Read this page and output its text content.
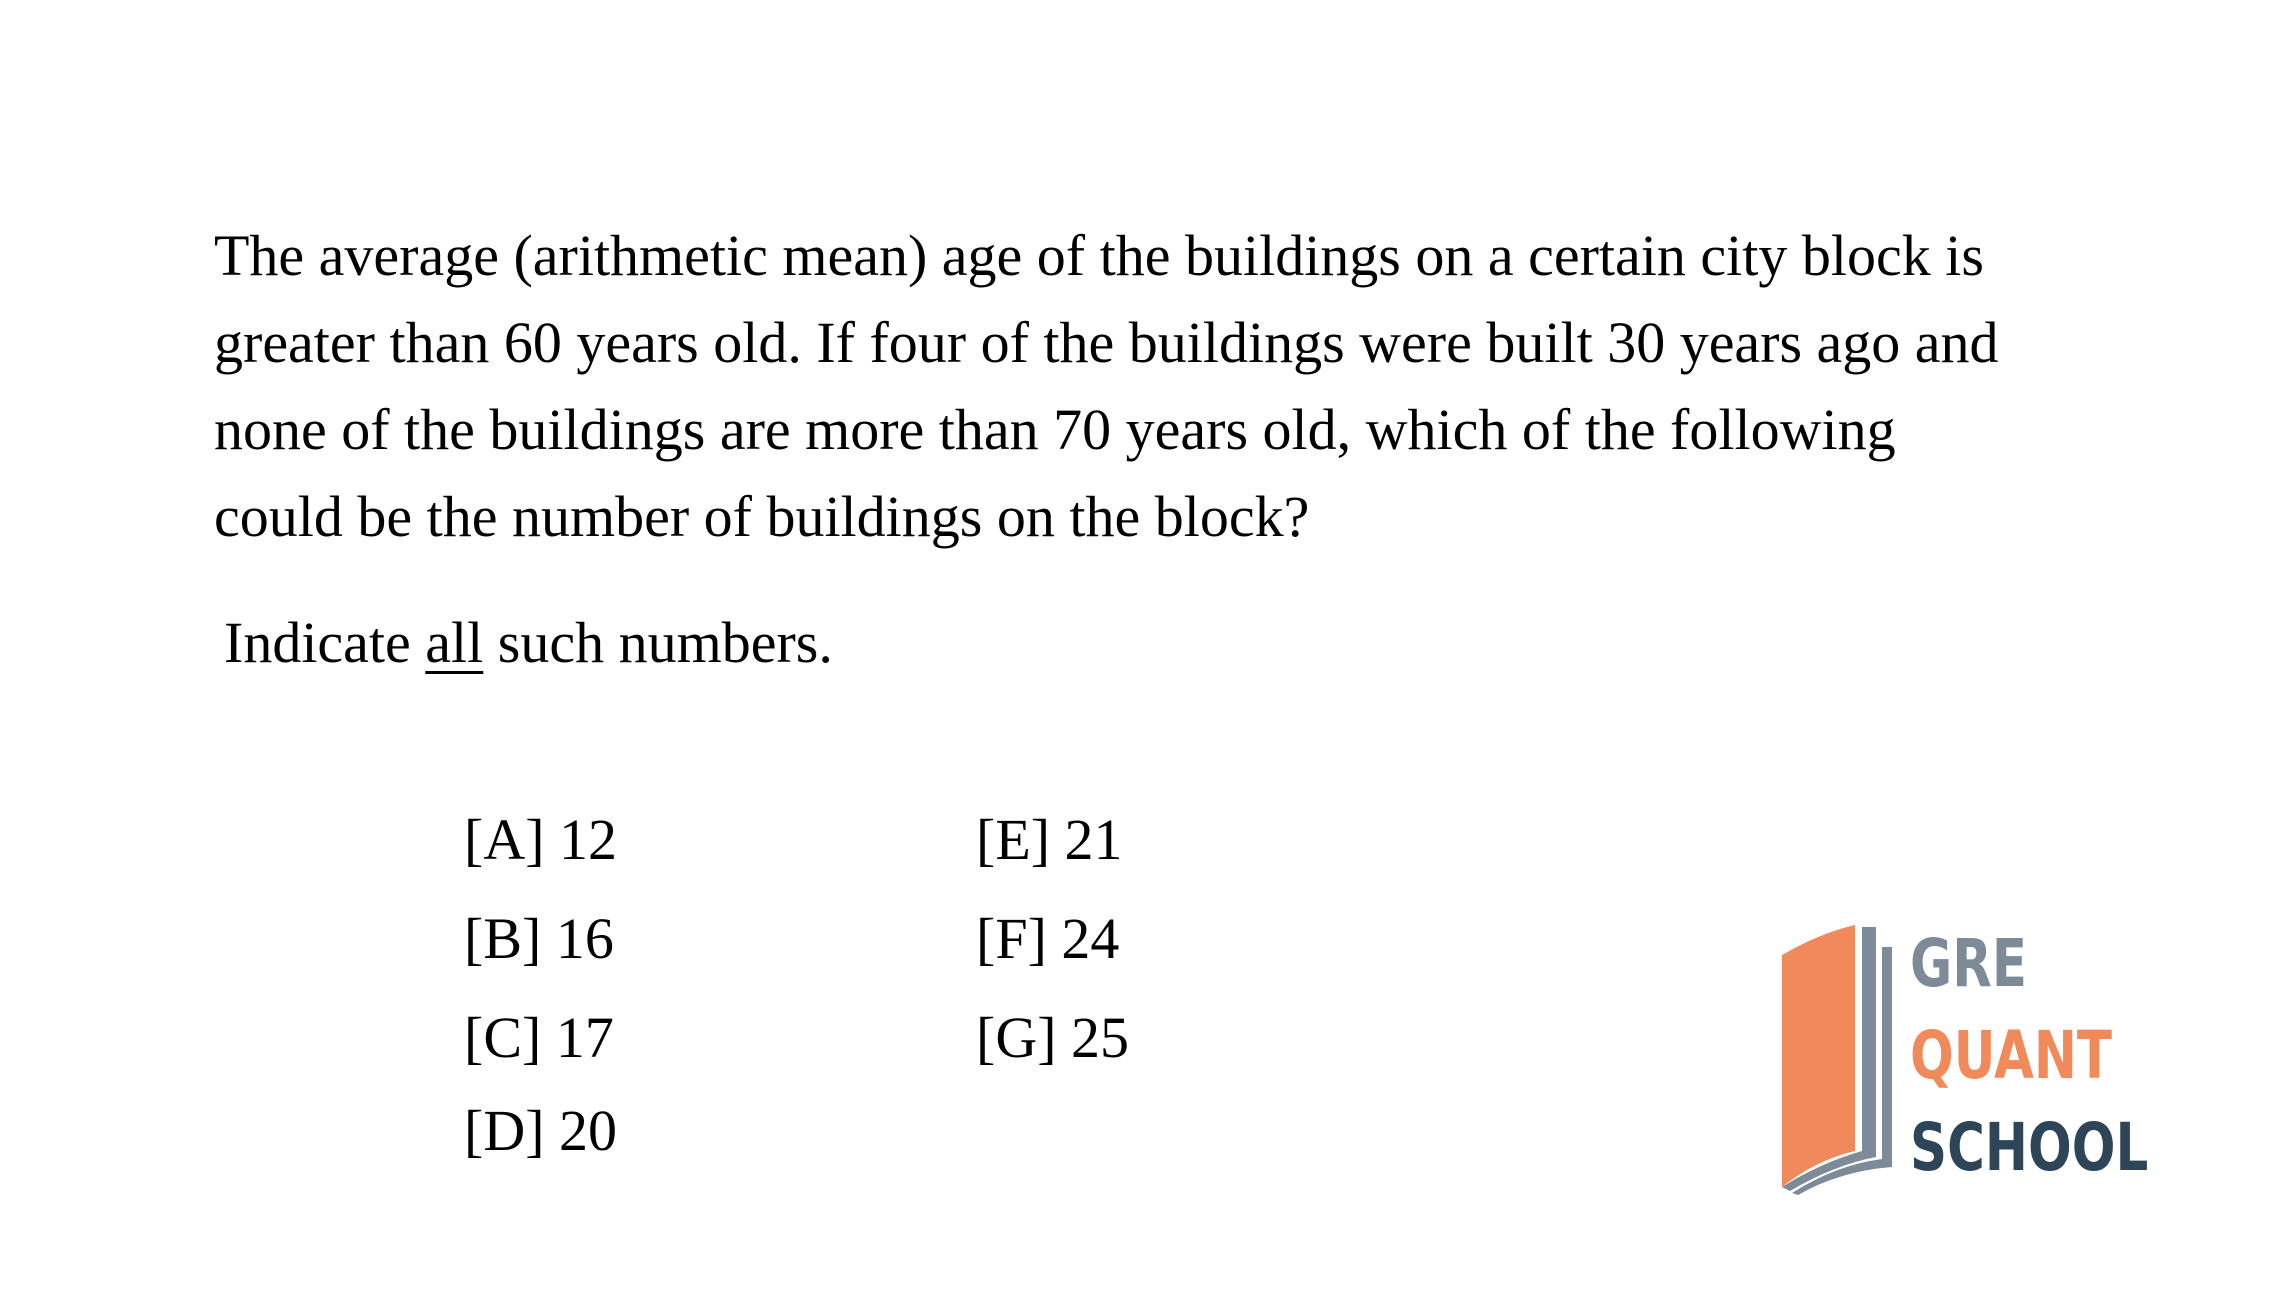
The average (arithmetic mean) age of the buildings on a certain city block is
greater than 60 years old. If four of the buildings were built 30 years ago and
none of the buildings are more than 70 years old, which of the following
could be the number of buildings on the block?
Indicate all such numbers.
[A] 12
[B] 16
[C] 17
[D] 20
[E] 21
[F] 24
[G] 25
GRE
QUANT
SCHOOL
